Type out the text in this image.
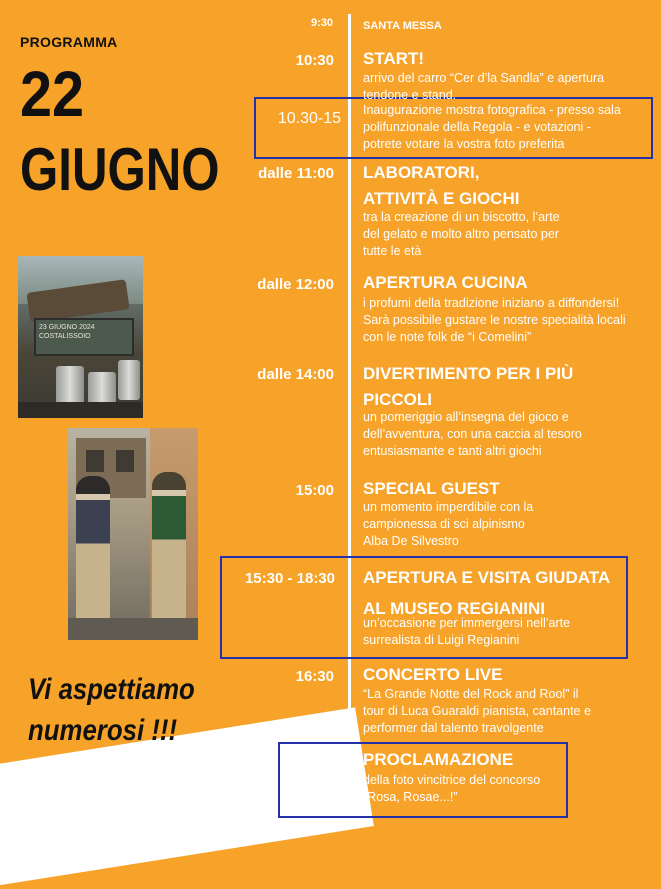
PROGRAMMA
22
GIUGNO
23 GIUGNO 2024
COSTALISSOIO
Vi aspettiamo
numerosi !!!
9:30	SANTA MESSA
10:30 START!
arrivo del carro “Cer d’la Sandla” e apertura
tendone e stand.
10.30-15 Inaugurazione mostra fotografica - presso sala
polifunzionale della Regola - e votazioni -
potrete votare la vostra foto preferita
dalle 11:00 LABORATORI,
ATTIVITÀ E GIOCHI
tra la creazione di un biscotto, l’arte
del gelato e molto altro pensato per
tutte le età
dalle 12:00 APERTURA CUCINA
i profumi della tradizione iniziano a diffondersi!
Sarà possibile gustare le nostre specialità locali
con le note folk de “i Comelini”
dalle 14:00 DIVERTIMENTO PER I PIÙ
PICCOLI
un pomeriggio all’insegna del gioco e
dell’avventura, con una caccia al tesoro
entusiasmante e tanti altri giochi
15:00 SPECIAL GUEST
un momento imperdibile con la
campionessa di sci alpinismo
Alba De Silvestro
15:30 - 18:30 APERTURA E VISITA GIUDATA
AL MUSEO REGIANINI
un’occasione per immergersi nell’arte
surrealista di Luigi Regianini
16:30 CONCERTO LIVE
“La Grande Notte del Rock and Rool” il
tour di Luca Guaraldi pianista, cantante e
performer dal talento travolgente
18:30 PROCLAMAZIONE
della foto vincitrice del concorso
“Rosa, Rosae...!”
